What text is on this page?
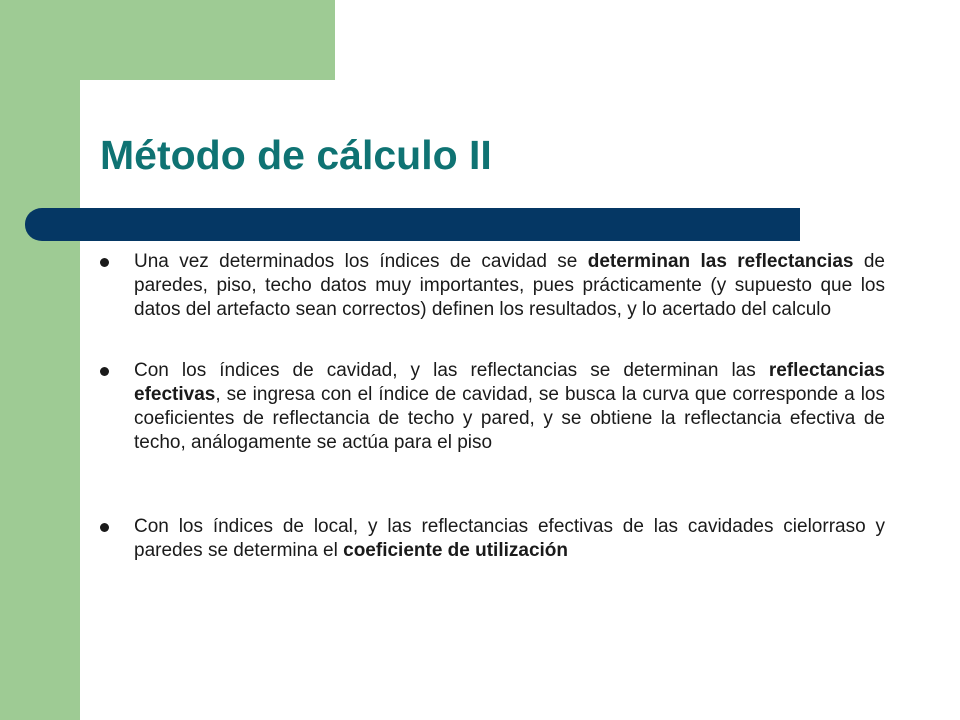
Método de cálculo II
Una vez determinados los índices de cavidad se determinan las reflectancias de paredes, piso, techo datos muy importantes, pues prácticamente (y supuesto que los datos del artefacto sean correctos) definen los resultados, y lo acertado del calculo
Con los índices de cavidad, y las reflectancias se determinan las reflectancias efectivas, se ingresa con el índice de cavidad, se busca la curva que corresponde a los coeficientes de reflectancia de techo y pared, y se obtiene la reflectancia efectiva de techo, análogamente se actúa para el piso
Con los índices de local, y las reflectancias efectivas de las cavidades cielorraso y paredes se determina el coeficiente de utilización
